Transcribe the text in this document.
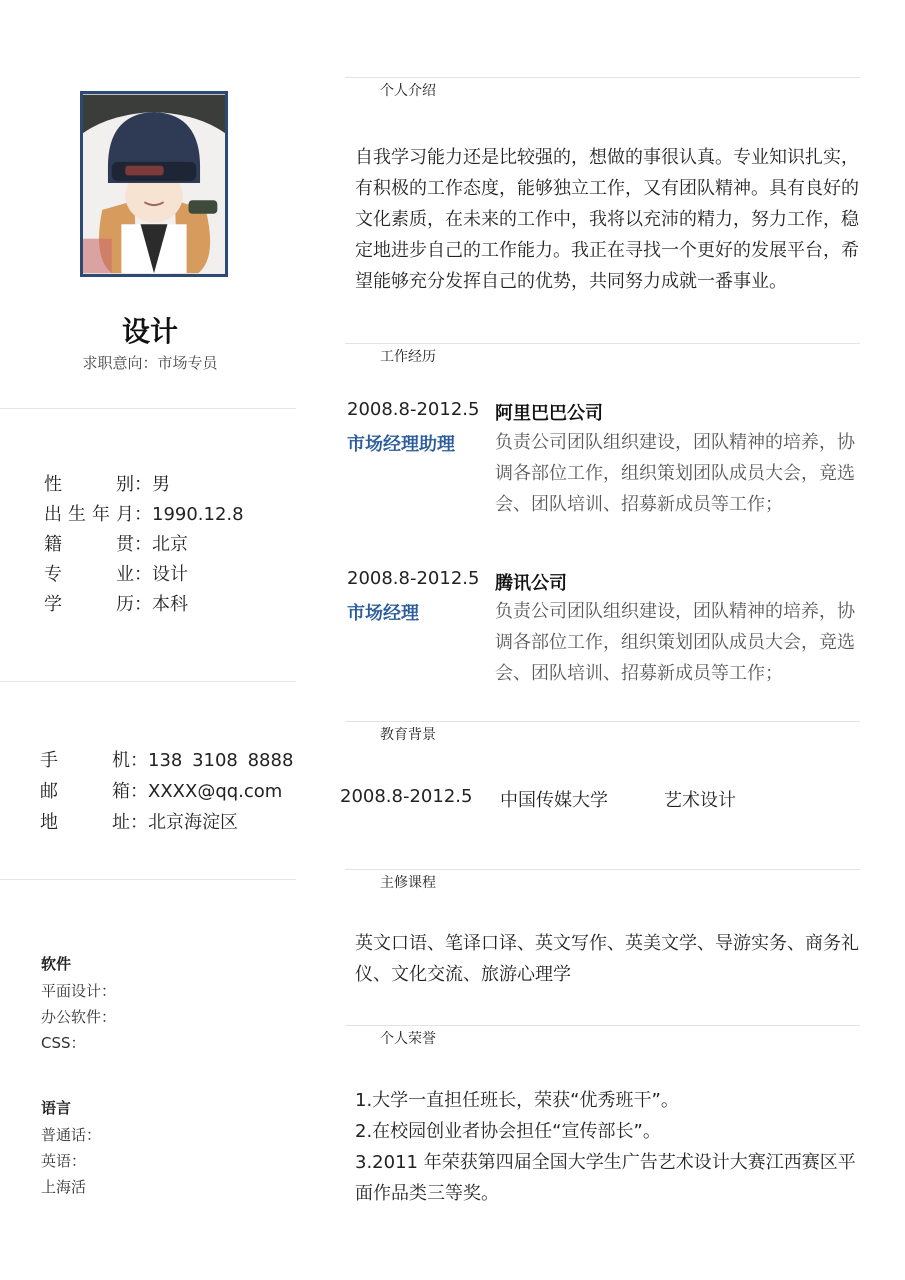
设计
求职意向：市场专员
性别：男
出生年月：1990.12.8
籍贯：北京
专业：设计
学历：本科
手机：138 3108 8888
邮箱：XXXX@qq.com
地址：北京海淀区
软件
平面设计：
办公软件：
CSS：
语言
普通话：
英语：
上海活
个人介绍
自我学习能力还是比较强的，想做的事很认真。专业知识扎实，
有积极的工作态度，能够独立工作，又有团队精神。具有良好的
文化素质，在未来的工作中，我将以充沛的精力，努力工作，稳
定地进步自己的工作能力。我正在寻找一个更好的发展平台，希
望能够充分发挥自己的优势，共同努力成就一番事业。
工作经历
2008.8-2012.5 阿里巴巴公司
市场经理助理 负责公司团队组织建设，团队精神的培养，协
调各部位工作，组织策划团队成员大会，竟选
会、团队培训、招募新成员等工作；
2008.8-2012.5 腾讯公司
市场经理	负责公司团队组织建设，团队精神的培养，协
调各部位工作，组织策划团队成员大会，竟选
会、团队培训、招募新成员等工作；
教育背景
2008.8-2012.5 中国传媒大学	艺术设计
主修课程
英文口语、笔译口译、英文写作、英美文学、导游实务、商务礼
仪、文化交流、旅游心理学
个人荣誉
1.大学一直担任班长，荣获“优秀班干”。
2.在校园创业者协会担任“宣传部长”。
3.2011 年荣获第四届全国大学生广告艺术设计大赛江西赛区平
面作品类三等奖。
